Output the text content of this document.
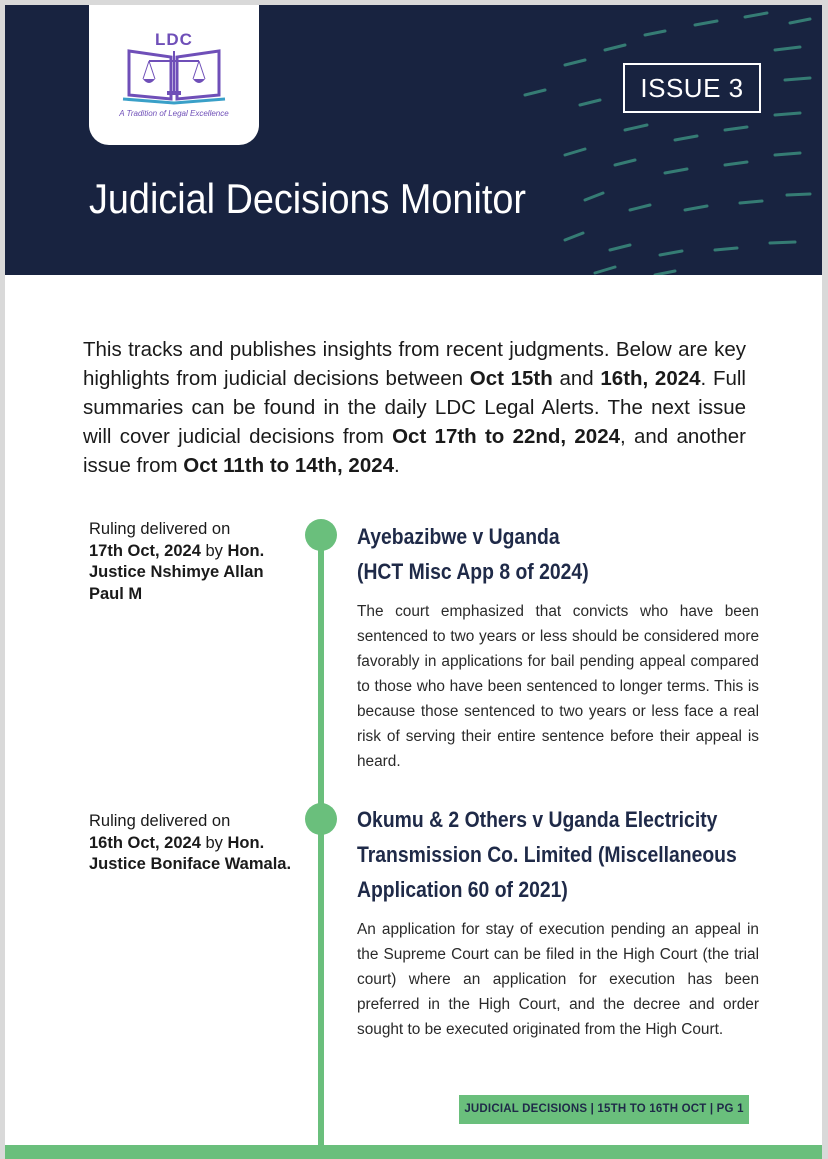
LDC
A Tradition of Legal Excellence
ISSUE 3
Judicial Decisions Monitor
This tracks and publishes insights from recent judgments. Below are key highlights from judicial decisions between Oct 15th and 16th, 2024. Full summaries can be found in the daily LDC Legal Alerts. The next issue will cover judicial decisions from Oct 17th to 22nd, 2024, and another issue from Oct 11th to 14th, 2024.
Ruling delivered on
17th Oct, 2024 by Hon. Justice Nshimye Allan Paul M
Ayebazibwe v Uganda
(HCT Misc App 8 of 2024)
The court emphasized that convicts who have been sentenced to two years or less should be considered more favorably in applications for bail pending appeal compared to those who have been sentenced to longer terms. This is because those sentenced to two years or less face a real risk of serving their entire sentence before their appeal is heard.
Ruling delivered on
16th Oct, 2024 by Hon. Justice Boniface Wamala.
Okumu & 2 Others v Uganda Electricity
Transmission Co. Limited (Miscellaneous
Application 60 of 2021)
An application for stay of execution pending an appeal in the Supreme Court can be filed in the High Court (the trial court) where an application for execution has been preferred in the High Court, and the decree and order sought to be executed originated from the High Court.
JUDICIAL DECISIONS | 15TH TO 16TH OCT | PG 1
